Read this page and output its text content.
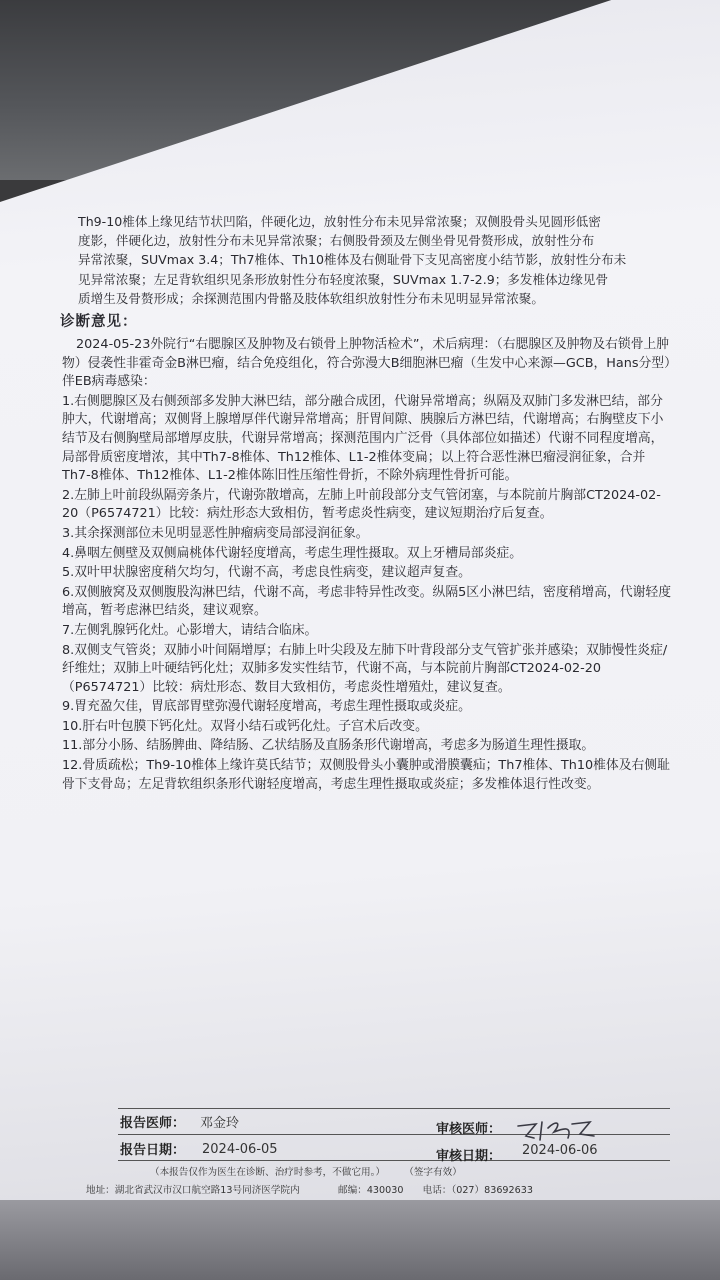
Th9-10椎体上缘见结节状凹陷，伴硬化边，放射性分布未见异常浓聚；双侧股骨头见圆形低密

度影，伴硬化边，放射性分布未见异常浓聚；右侧股骨颈及左侧坐骨见骨赘形成，放射性分布

异常浓聚，SUVmax 3.4；Th7椎体、Th10椎体及右侧耻骨下支见高密度小结节影，放射性分布未

见异常浓聚；左足背软组织见条形放射性分布轻度浓聚，SUVmax 1.7-2.9；多发椎体边缘见骨

质增生及骨赘形成；余探测范围内骨骼及肢体软组织放射性分布未见明显异常浓聚。

诊断意见：

2024-05-23外院行“右腮腺区及肿物及右锁骨上肿物活检术”，术后病理：（右腮腺区及肿物及右锁骨上肿物）侵袭性非霍奇金B淋巴瘤，结合免疫组化，符合弥漫大B细胞淋巴瘤（生发中心来源—GCB，Hans分型）伴EB病毒感染：

1.右侧腮腺区及右侧颈部多发肿大淋巴结，部分融合成团，代谢异常增高；纵隔及双肺门多发淋巴结，部分肿大，代谢增高；双侧肾上腺增厚伴代谢异常增高；肝胃间隙、胰腺后方淋巴结，代谢增高；右胸壁皮下小结节及右侧胸壁局部增厚皮肤，代谢异常增高；探测范围内广泛骨（具体部位如描述）代谢不同程度增高，局部骨质密度增浓，其中Th7-8椎体、Th12椎体、L1-2椎体变扁；以上符合恶性淋巴瘤浸润征象，合并Th7-8椎体、Th12椎体、L1-2椎体陈旧性压缩性骨折，不除外病理性骨折可能。

2.左肺上叶前段纵隔旁条片，代谢弥散增高，左肺上叶前段部分支气管闭塞，与本院前片胸部CT2024-02-20（P6574721）比较：病灶形态大致相仿，暂考虑炎性病变，建议短期治疗后复查。

3.其余探测部位未见明显恶性肿瘤病变局部浸润征象。

4.鼻咽左侧壁及双侧扁桃体代谢轻度增高，考虑生理性摄取。双上牙槽局部炎症。

5.双叶甲状腺密度稍欠均匀，代谢不高，考虑良性病变，建议超声复查。

6.双侧腋窝及双侧腹股沟淋巴结，代谢不高，考虑非特异性改变。纵隔5区小淋巴结，密度稍增高，代谢轻度增高，暂考虑淋巴结炎，建议观察。

7.左侧乳腺钙化灶。心影增大，请结合临床。

8.双侧支气管炎；双肺小叶间隔增厚；右肺上叶尖段及左肺下叶背段部分支气管扩张并感染；双肺慢性炎症/纤维灶；双肺上叶硬结钙化灶；双肺多发实性结节，代谢不高，与本院前片胸部CT2024-02-20（P6574721）比较：病灶形态、数目大致相仿，考虑炎性增殖灶，建议复查。

9.胃充盈欠佳，胃底部胃壁弥漫代谢轻度增高，考虑生理性摄取或炎症。

10.肝右叶包膜下钙化灶。双肾小结石或钙化灶。子宫术后改变。

11.部分小肠、结肠脾曲、降结肠、乙状结肠及直肠条形代谢增高，考虑多为肠道生理性摄取。

12.骨质疏松；Th9-10椎体上缘许莫氏结节；双侧股骨头小囊肿或滑膜囊疝；Th7椎体、Th10椎体及右侧耻骨下支骨岛；左足背软组织条形代谢轻度增高，考虑生理性摄取或炎症；多发椎体退行性改变。

报告医师： 邓金玲
报告日期： 2024-06-05
审核医师：
审核日期： 2024-06-06
（本报告仅作为医生在诊断、治疗时参考，不做它用。）　　　（签字有效）
地址：湖北省武汉市汉口航空路13号同济医学院内　　　　邮编：430030　　电话：（027）83692633
